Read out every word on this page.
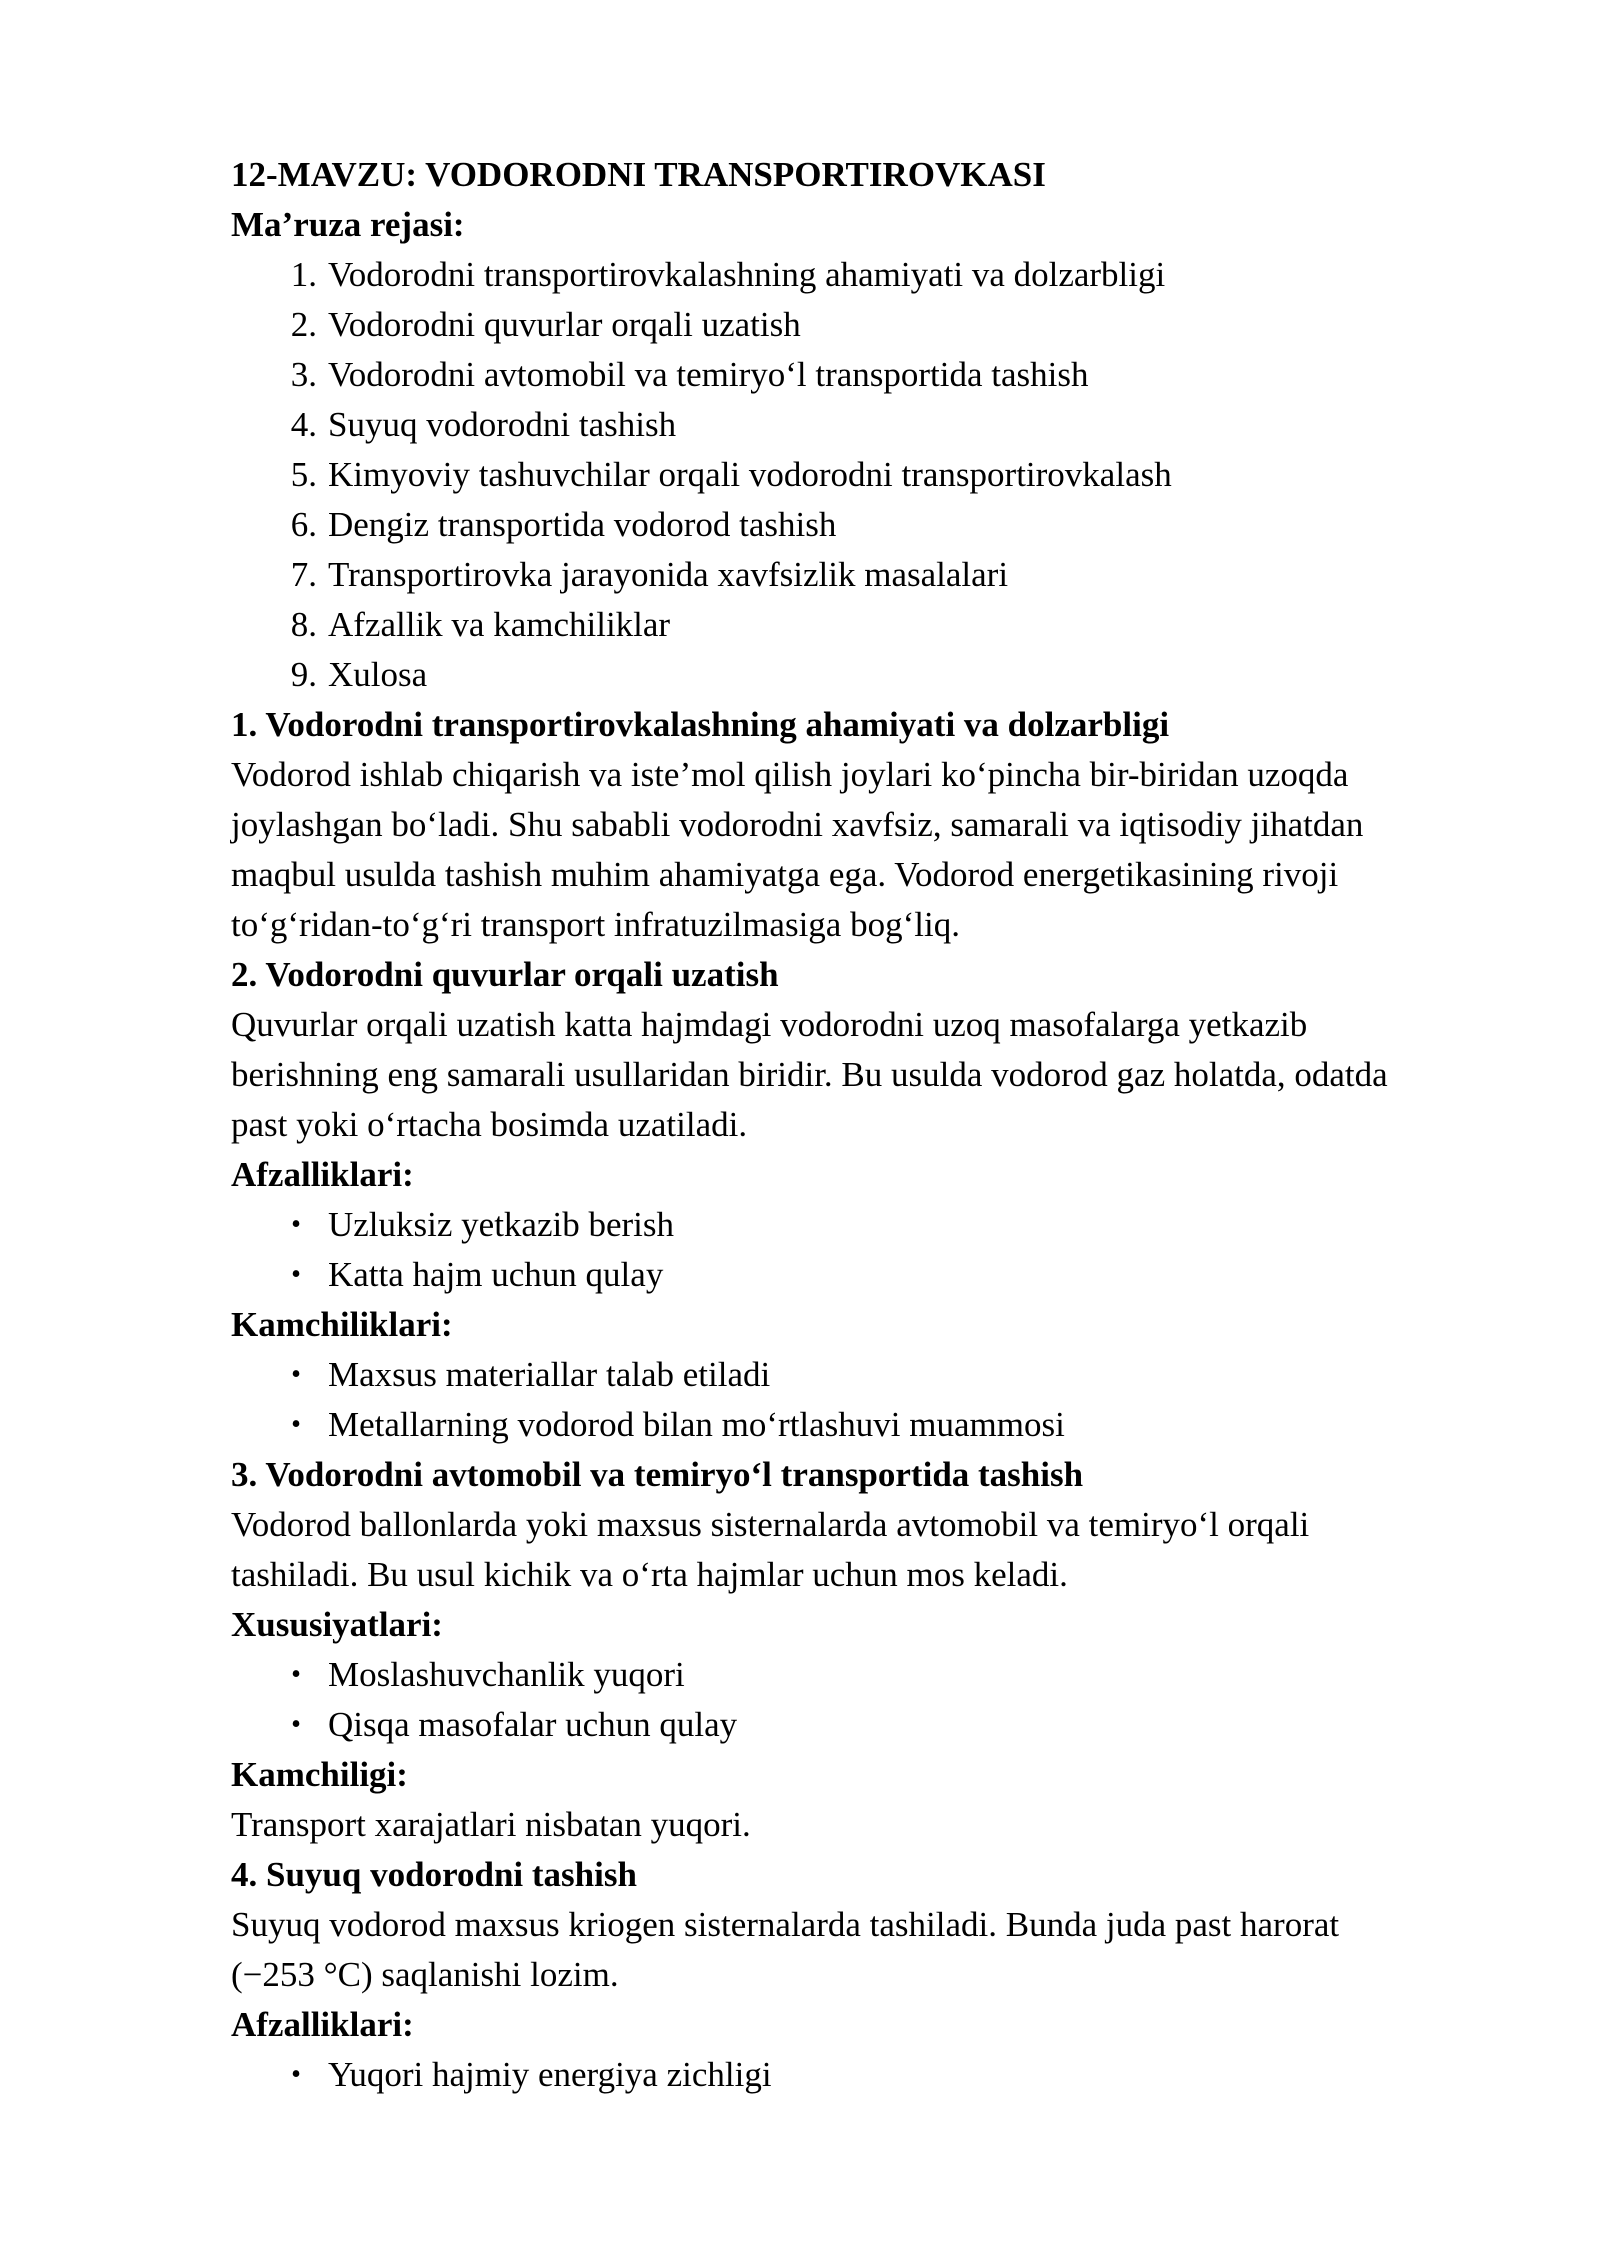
12-MAVZU: VODORODNI TRANSPORTIROVKASI
Ma’ruza rejasi:
1. Vodorodni transportirovkalashning ahamiyati va dolzarbligi
2. Vodorodni quvurlar orqali uzatish
3. Vodorodni avtomobil va temiryo‘l transportida tashish
4. Suyuq vodorodni tashish
5. Kimyoviy tashuvchilar orqali vodorodni transportirovkalash
6. Dengiz transportida vodorod tashish
7. Transportirovka jarayonida xavfsizlik masalalari
8. Afzallik va kamchiliklar
9. Xulosa
1. Vodorodni transportirovkalashning ahamiyati va dolzarbligi

Vodorod ishlab chiqarish va iste’mol qilish joylari ko‘pincha bir-biridan uzoqda

joylashgan bo‘ladi. Shu sababli vodorodni xavfsiz, samarali va iqtisodiy jihatdan

maqbul usulda tashish muhim ahamiyatga ega. Vodorod energetikasining rivoji

to‘g‘ridan-to‘g‘ri transport infratuzilmasiga bog‘liq.

2. Vodorodni quvurlar orqali uzatish

Quvurlar orqali uzatish katta hajmdagi vodorodni uzoq masofalarga yetkazib

berishning eng samarali usullaridan biridir. Bu usulda vodorod gaz holatda, odatda

past yoki o‘rtacha bosimda uzatiladi.

Afzalliklari:
• Uzluksiz yetkazib berish
• Katta hajm uchun qulay
Kamchiliklari:
• Maxsus materiallar talab etiladi
• Metallarning vodorod bilan mo‘rtlashuvi muammosi
3. Vodorodni avtomobil va temiryo‘l transportida tashish

Vodorod ballonlarda yoki maxsus sisternalarda avtomobil va temiryo‘l orqali

tashiladi. Bu usul kichik va o‘rta hajmlar uchun mos keladi.

Xususiyatlari:
• Moslashuvchanlik yuqori
• Qisqa masofalar uchun qulay
Kamchiligi:
Transport xarajatlari nisbatan yuqori.
4. Suyuq vodorodni tashish

Suyuq vodorod maxsus kriogen sisternalarda tashiladi. Bunda juda past harorat

(−253 °C) saqlanishi lozim.

Afzalliklari:
• Yuqori hajmiy energiya zichligi
